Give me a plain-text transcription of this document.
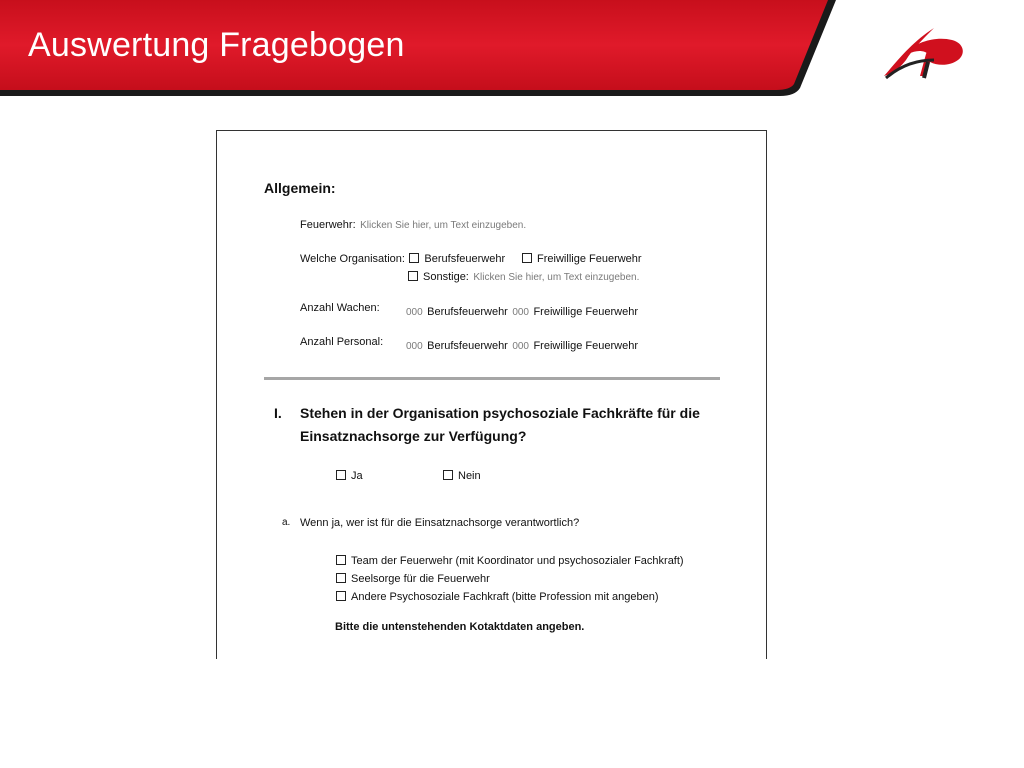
Auswertung Fragebogen
Allgemein:
Feuerwehr: Klicken Sie hier, um Text einzugeben.
Welche Organisation: Berufsfeuerwehr	Freiwillige Feuerwehr
Sonstige: Klicken Sie hier, um Text einzugeben.
Anzahl Wachen:	000 Berufsfeuerwehr 000 Freiwillige Feuerwehr
Anzahl Personal: 000 Berufsfeuerwehr 000 Freiwillige Feuerwehr
I. Stehen in der Organisation psychosoziale Fachkräfte für die Einsatznachsorge zur Verfügung?
Ja	Nein
a. Wenn ja, wer ist für die Einsatznachsorge verantwortlich?
Team der Feuerwehr (mit Koordinator und psychosozialer Fachkraft)
Seelsorge für die Feuerwehr
Andere Psychosoziale Fachkraft (bitte Profession mit angeben)
Bitte die untenstehenden Kotaktdaten angeben.
